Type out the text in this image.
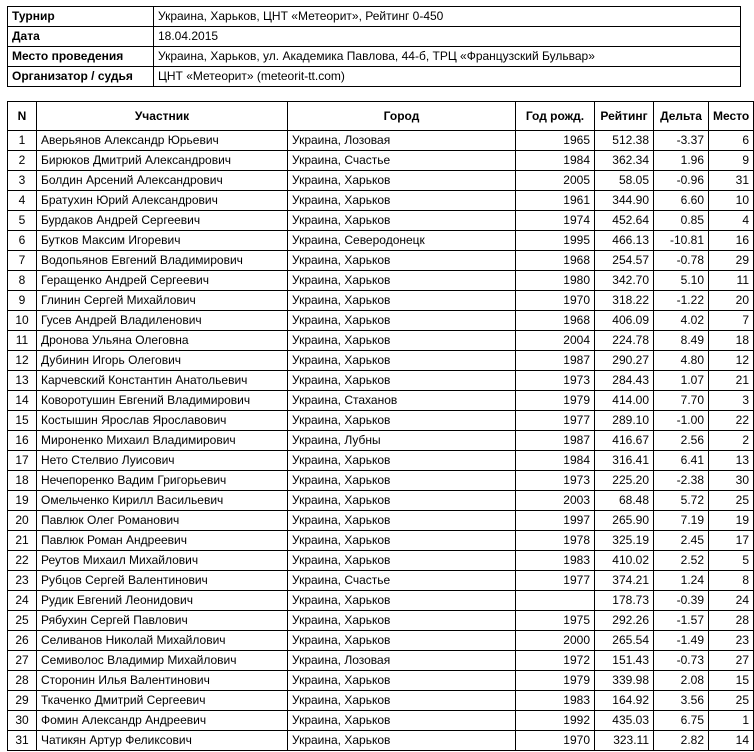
Турнир	Украина, Харьков, ЦНТ «Метеорит», Рейтинг 0-450
Дата	18.04.2015
Место проведения	Украина, Харьков, ул. Академика Павлова, 44-б, ТРЦ «Французский Бульвар»
Организатор / судья	ЦНТ «Метеорит» (meteorit-tt.com)
N	Участник	Город	Год рожд.	Рейтинг	Дельта	Место
1	Аверьянов Александр Юрьевич	Украина, Лозовая	1965	512.38	-3.37	6
2	Бирюков Дмитрий Александрович	Украина, Счастье	1984	362.34	1.96	9
3	Болдин Арсений Александрович	Украина, Харьков	2005	58.05	-0.96	31
4	Братухин Юрий Александрович	Украина, Харьков	1961	344.90	6.60	10
5	Бурдаков Андрей Сергеевич	Украина, Харьков	1974	452.64	0.85	4
6	Бутков Максим Игоревич	Украина, Северодонецк	1995	466.13	-10.81	16
7	Водопьянов Евгений Владимирович	Украина, Харьков	1968	254.57	-0.78	29
8	Геращенко Андрей Сергеевич	Украина, Харьков	1980	342.70	5.10	11
9	Глинин Сергей Михайлович	Украина, Харьков	1970	318.22	-1.22	20
10	Гусев Андрей Владиленович	Украина, Харьков	1968	406.09	4.02	7
11	Дронова Ульяна Олеговна	Украина, Харьков	2004	224.78	8.49	18
12	Дубинин Игорь Олегович	Украина, Харьков	1987	290.27	4.80	12
13	Карчевский Константин Анатольевич	Украина, Харьков	1973	284.43	1.07	21
14	Коворотушин Евгений Владимирович	Украина, Стаханов	1979	414.00	7.70	3
15	Костышин Ярослав Ярославович	Украина, Харьков	1977	289.10	-1.00	22
16	Мироненко Михаил Владимирович	Украина, Лубны	1987	416.67	2.56	2
17	Нето Стелвио Луисович	Украина, Харьков	1984	316.41	6.41	13
18	Нечепоренко Вадим Григорьевич	Украина, Харьков	1973	225.20	-2.38	30
19	Омельченко Кирилл Васильевич	Украина, Харьков	2003	68.48	5.72	25
20	Павлюк Олег Романович	Украина, Харьков	1997	265.90	7.19	19
21	Павлюк Роман Андреевич	Украина, Харьков	1978	325.19	2.45	17
22	Реутов Михаил Михайлович	Украина, Харьков	1983	410.02	2.52	5
23	Рубцов Сергей Валентинович	Украина, Счастье	1977	374.21	1.24	8
24	Рудик Евгений Леонидович	Украина, Харьков		178.73	-0.39	24
25	Рябухин Сергей Павлович	Украина, Харьков	1975	292.26	-1.57	28
26	Селиванов Николай Михайлович	Украина, Харьков	2000	265.54	-1.49	23
27	Семиволос Владимир Михайлович	Украина, Лозовая	1972	151.43	-0.73	27
28	Сторонин Илья Валентинович	Украина, Харьков	1979	339.98	2.08	15
29	Ткаченко Дмитрий Сергеевич	Украина, Харьков	1983	164.92	3.56	25
30	Фомин Александр Андреевич	Украина, Харьков	1992	435.03	6.75	1
31	Чатикян Артур Феликсович	Украина, Харьков	1970	323.11	2.82	14
